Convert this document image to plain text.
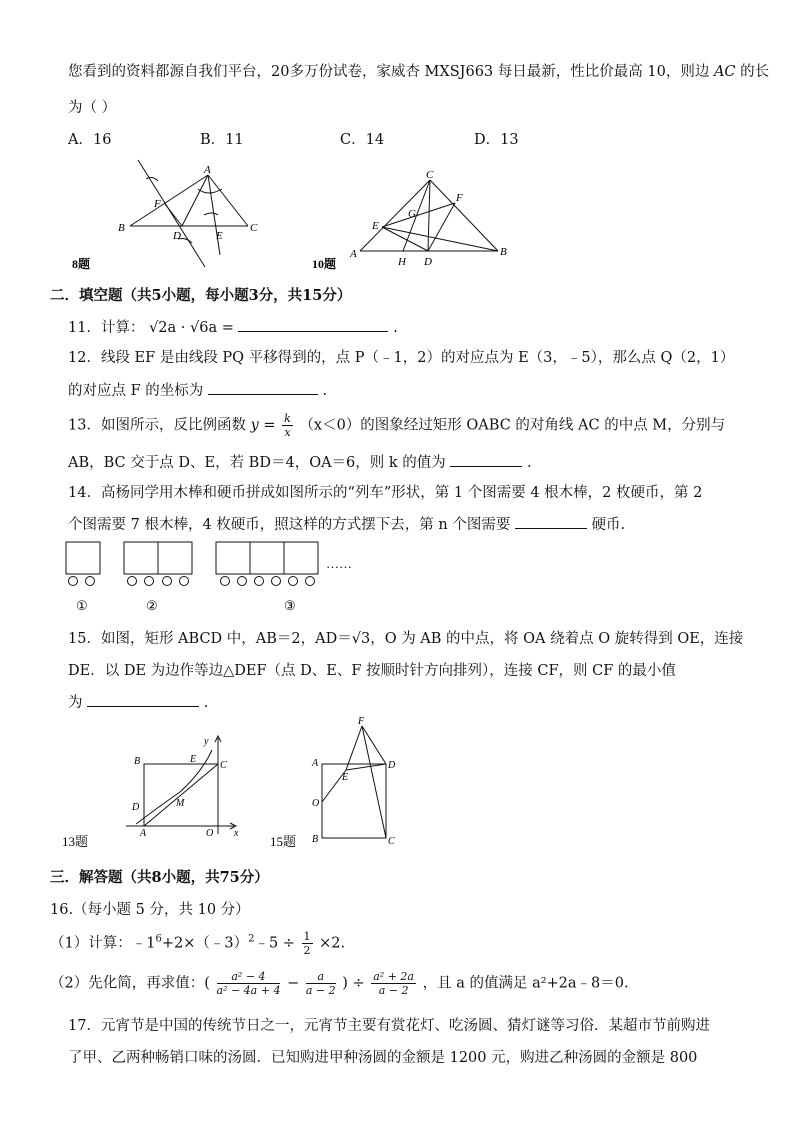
您看到的资料都源自我们平台，20多万份试卷，家威杏 MXSJ663 每日最新，性比价最高 10，则边 AC 的长
为（ ）
A．16	B．11	C．14	D．13
A
B	C
D	E
F
8题
C
F
G
E
A
H D
B
10题
二．填空题（共5小题，每小题3分，共15分）
11．计算： √2a · √6a =	.
12．线段 EF 是由线段 PQ 平移得到的，点 P（﹣1，2）的对应点为 E（3，﹣5），那么点 Q（2，1）
的对应点 F 的坐标为	.
13．如图所示，反比例函数 $y = \frac{k}{x} (x<0)$的图象经过矩形 OABC 的对角线 AC 的中点 M，分别与
AB，BC 交于点 D、E，若 BD＝4，OA＝6，则 k 的值为	.
14．高杨同学用木棒和硬币拼成如图所示的“列车”形状，第 1 个图需要 4 根木棒，2 枚硬币，第 2
个图需要 7 根木棒，4 枚硬币，照这样的方式摆下去，第 n 个图需要	硬币.
……
①	②	③
15．如图，矩形 ABCD 中，AB＝2，AD＝√3，O 为 AB 的中点，将 OA 绕着点 O 旋转得到 OE，连接
DE．以 DE 为边作等边△DEF（点 D、E、F 按顺时针方向排列），连接 CF，则 CF 的最小值
为	.
y
B	E
C
M
D
A	O x
13题
F
A
E
D
O
B	C
15题
三．解答题（共8小题，共75分）
16.（每小题 5 分，共 10 分）
（1）计算：$﹣1^6+2\times(﹣3)^2﹣5 \div \frac{1}{2} \times 2$.
（2）先化简，再求值：( $\frac{\text{a² − 4}}{\text{a² − 4a + 4}} - \frac{a}{a - 2}$ ) ÷ $\frac{\text{a² + 2a}}{a - 2}$ ，且 a 的值满足 a²+2a﹣8＝0.
17．元宵节是中国的传统节日之一，元宵节主要有赏花灯、吃汤圆、猜灯谜等习俗．某超市节前购进
了甲、乙两种畅销口味的汤圆．已知购进甲种汤圆的金额是 1200 元，购进乙种汤圆的金额是 800
